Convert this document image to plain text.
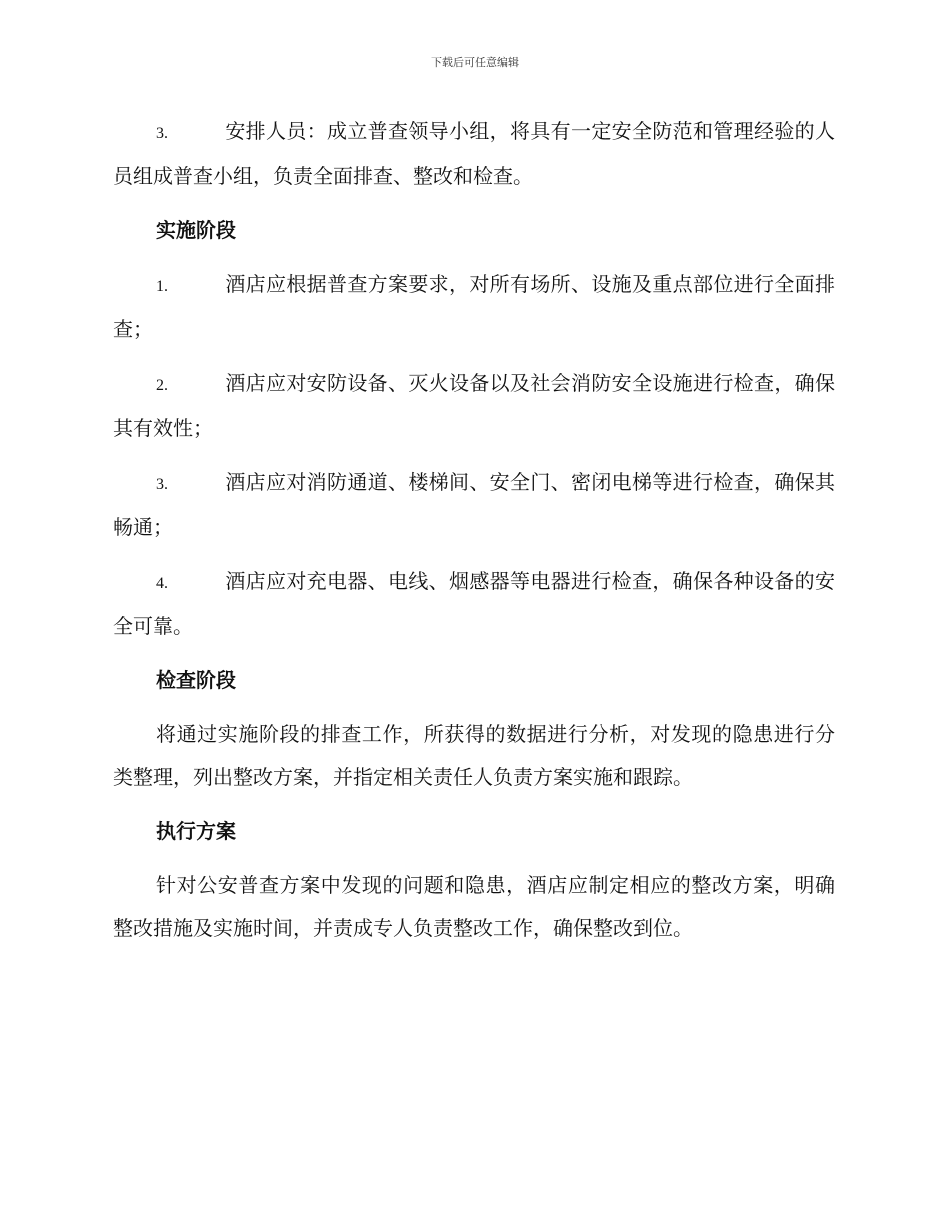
下载后可任意编辑

3.	安排人员：成立普查领导小组，将具有一定安全防范和管理经验的人员组成普查小组，负责全面排查、整改和检查。

实施阶段

1.	酒店应根据普查方案要求，对所有场所、设施及重点部位进行全面排查；

2.	酒店应对安防设备、灭火设备以及社会消防安全设施进行检查，确保其有效性；

3.	酒店应对消防通道、楼梯间、安全门、密闭电梯等进行检查，确保其畅通；

4.	酒店应对充电器、电线、烟感器等电器进行检查，确保各种设备的安全可靠。

检查阶段

将通过实施阶段的排查工作，所获得的数据进行分析，对发现的隐患进行分类整理，列出整改方案，并指定相关责任人负责方案实施和跟踪。

执行方案

针对公安普查方案中发现的问题和隐患，酒店应制定相应的整改方案，明确整改措施及实施时间，并责成专人负责整改工作，确保整改到位。
